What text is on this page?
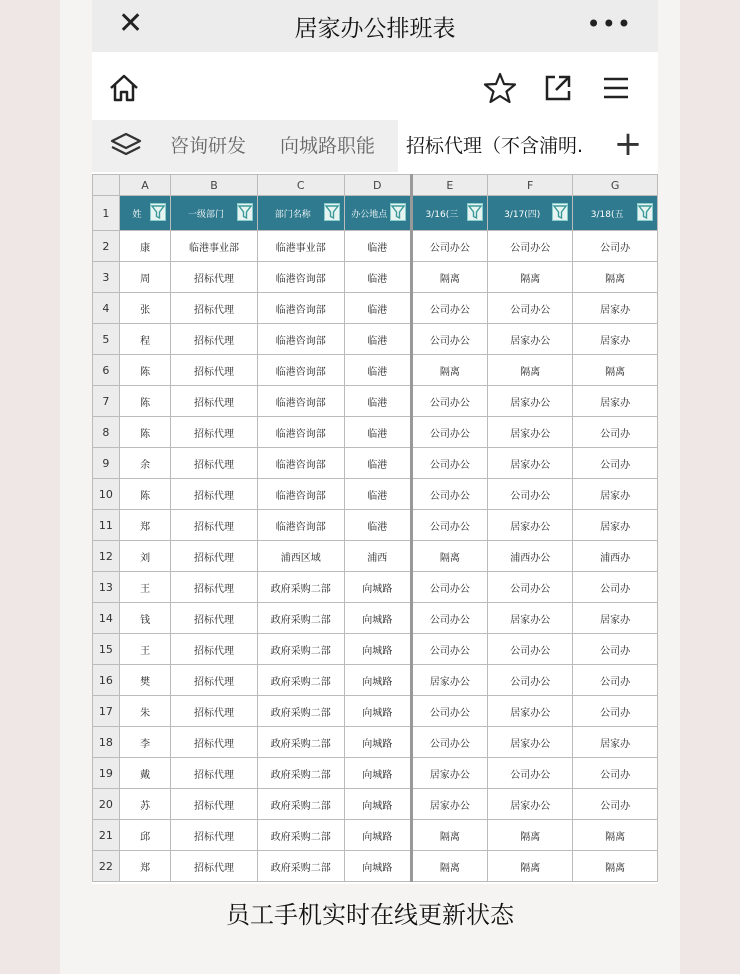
✕	居家办公排班表	•••
咨询研发	向城路职能	招标代理（不含浦明. +
	A	B	C	D	E	F	G
1	姓	一级部门	部门名称	办公地点	3/16(三	3/17(四)	3/18(五

2	康	临港事业部	临港事业部	临港	公司办公	公司办公	公司办
3	周	招标代理	临港咨询部	临港	隔离	隔离	隔离
4	张	招标代理	临港咨询部	临港	公司办公	公司办公	居家办
5	程	招标代理	临港咨询部	临港	公司办公	居家办公	居家办
6	陈	招标代理	临港咨询部	临港	隔离	隔离	隔离
7	陈	招标代理	临港咨询部	临港	公司办公	居家办公	居家办
8	陈	招标代理	临港咨询部	临港	公司办公	居家办公	公司办
9	余	招标代理	临港咨询部	临港	公司办公	居家办公	公司办
10	陈	招标代理	临港咨询部	临港	公司办公	公司办公	居家办
11	郑	招标代理	临港咨询部	临港	公司办公	居家办公	居家办
12	刘	招标代理	浦西区域	浦西	隔离	浦西办公	浦西办
13	王	招标代理	政府采购二部	向城路	公司办公	公司办公	公司办
14	钱	招标代理	政府采购二部	向城路	公司办公	居家办公	居家办
15	王	招标代理	政府采购二部	向城路	公司办公	公司办公	公司办
16	樊	招标代理	政府采购二部	向城路	居家办公	公司办公	公司办
17	朱	招标代理	政府采购二部	向城路	公司办公	居家办公	公司办
18	李	招标代理	政府采购二部	向城路	公司办公	居家办公	居家办
19	戴	招标代理	政府采购二部	向城路	居家办公	公司办公	公司办
20	苏	招标代理	政府采购二部	向城路	居家办公	居家办公	公司办
21	邱	招标代理	政府采购二部	向城路	隔离	隔离	隔离
22	郑	招标代理	政府采购二部	向城路	隔离	隔离	隔离
员工手机实时在线更新状态
